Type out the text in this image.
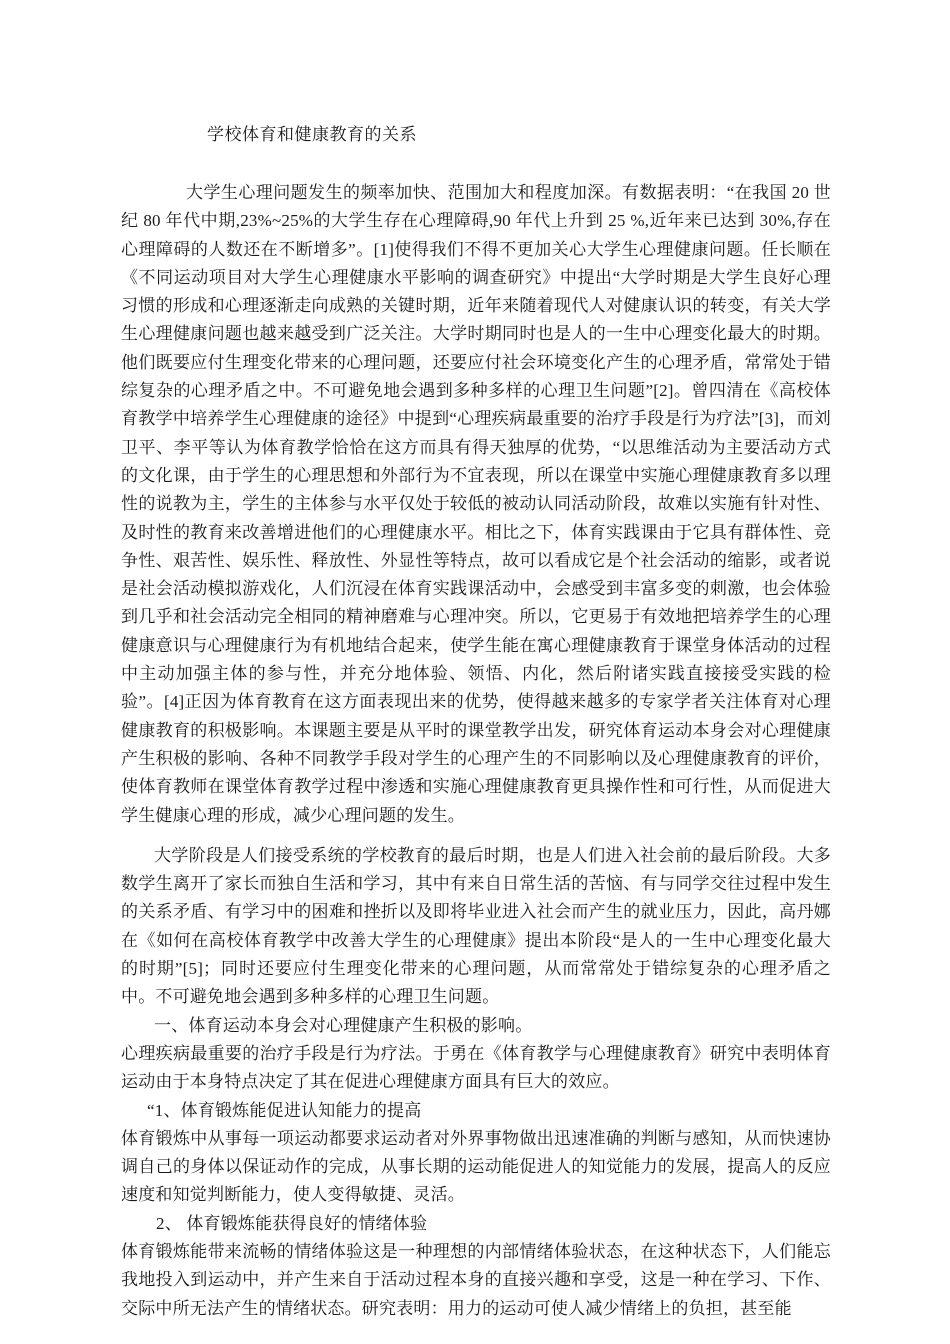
学校体育和健康教育的关系

大学生心理问题发生的频率加快、范围加大和程度加深。有数据表明：“在我国 20 世纪 80 年代中期,23%~25%的大学生存在心理障碍,90 年代上升到 25 %,近年来已达到 30%,存在心理障碍的人数还在不断增多”。[1]使得我们不得不更加关心大学生心理健康问题。任长顺在《不同运动项目对大学生心理健康水平影响的调查研究》中提出“大学时期是大学生良好心理习惯的形成和心理逐渐走向成熟的关键时期，近年来随着现代人对健康认识的转变，有关大学生心理健康问题也越来越受到广泛关注。大学时期同时也是人的一生中心理变化最大的时期。他们既要应付生理变化带来的心理问题，还要应付社会环境变化产生的心理矛盾，常常处于错综复杂的心理矛盾之中。不可避免地会遇到多种多样的心理卫生问题”[2]。曾四清在《高校体育教学中培养学生心理健康的途径》中提到“心理疾病最重要的治疗手段是行为疗法”[3]，而刘卫平、李平等认为体育教学恰恰在这方而具有得天独厚的优势，“以思维活动为主要活动方式的文化课，由于学生的心理思想和外部行为不宜表现，所以在课堂中实施心理健康教育多以理性的说教为主，学生的主体参与水平仅处于较低的被动认同活动阶段，故难以实施有针对性、及时性的教育来改善增进他们的心理健康水平。相比之下，体育实践课由于它具有群体性、竞争性、艰苦性、娱乐性、释放性、外显性等特点，故可以看成它是个社会活动的缩影，或者说是社会活动模拟游戏化，人们沉浸在体育实践课活动中，会感受到丰富多变的刺激，也会体验到几乎和社会活动完全相同的精神磨难与心理冲突。所以，它更易于有效地把培养学生的心理健康意识与心理健康行为有机地结合起来，使学生能在寓心理健康教育于课堂身体活动的过程中主动加强主体的参与性，并充分地体验、领悟、内化，然后附诸实践直接接受实践的检验”。[4]正因为体育教育在这方面表现出来的优势，使得越来越多的专家学者关注体育对心理健康教育的积极影响。本课题主要是从平时的课堂教学出发，研究体育运动本身会对心理健康产生积极的影响、各种不同教学手段对学生的心理产生的不同影响以及心理健康教育的评价，使体育教师在课堂体育教学过程中渗透和实施心理健康教育更具操作性和可行性，从而促进大学生健康心理的形成，减少心理问题的发生。

大学阶段是人们接受系统的学校教育的最后时期，也是人们进入社会前的最后阶段。大多数学生离开了家长而独自生活和学习，其中有来自日常生活的苦恼、有与同学交往过程中发生的关系矛盾、有学习中的困难和挫折以及即将毕业进入社会而产生的就业压力，因此，高丹娜在《如何在高校体育教学中改善大学生的心理健康》提出本阶段“是人的一生中心理变化最大的时期”[5]；同时还要应付生理变化带来的心理问题，从而常常处于错综复杂的心理矛盾之中。不可避免地会遇到多种多样的心理卫生问题。

一、体育运动本身会对心理健康产生积极的影响。

心理疾病最重要的治疗手段是行为疗法。于勇在《体育教学与心理健康教育》研究中表明体育运动由于本身特点决定了其在促进心理健康方面具有巨大的效应。

“1、体育锻炼能促进认知能力的提高

体育锻炼中从事每一项运动都要求运动者对外界事物做出迅速准确的判断与感知，从而快速协调自己的身体以保证动作的完成，从事长期的运动能促进人的知觉能力的发展，提高人的反应速度和知觉判断能力，使人变得敏捷、灵活。

2、 体育锻炼能获得良好的情绪体验

体育锻炼能带来流畅的情绪体验这是一种理想的内部情绪体验状态，在这种状态下，人们能忘我地投入到运动中，并产生来自于活动过程本身的直接兴趣和享受，这是一种在学习、下作、交际中所无法产生的情绪状态。研究表明：用力的运动可使人减少情绪上的负担，甚至能
